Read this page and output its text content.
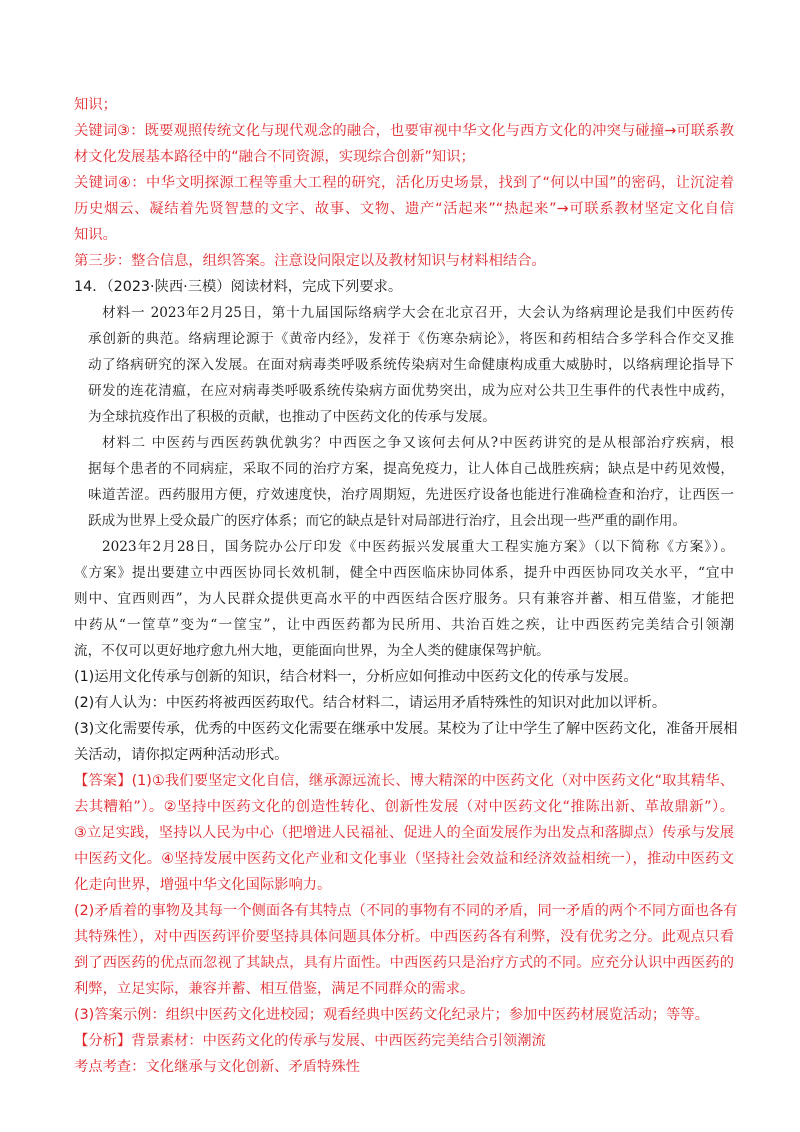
知识；

关键词③：既要观照传统文化与现代观念的融合，也要审视中华文化与西方文化的冲突与碰撞→可联系教

材文化发展基本路径中的“融合不同资源，实现综合创新”知识；

关键词④：中华文明探源工程等重大工程的研究，活化历史场景，找到了“何以中国”的密码，让沉淀着

历史烟云、凝结着先贤智慧的文字、故事、文物、遗产“活起来”“热起来”→可联系教材坚定文化自信

知识。

第三步：整合信息，组织答案。注意设问限定以及教材知识与材料相结合。

14．（2023·陕西·三模）阅读材料，完成下列要求。

材料一 2023年2月25日，第十九届国际络病学大会在北京召开，大会认为络病理论是我们中医药传

承创新的典范。络病理论源于《黄帝内经》，发祥于《伤寒杂病论》，将医和药相结合多学科合作交叉推

动了络病研究的深入发展。在面对病毒类呼吸系统传染病对生命健康构成重大威胁时，以络病理论指导下

研发的连花清瘟，在应对病毒类呼吸系统传染病方面优势突出，成为应对公共卫生事件的代表性中成药，

为全球抗疫作出了积极的贡献，也推动了中医药文化的传承与发展。

材料二 中医药与西医药孰优孰劣？中西医之争又该何去何从?中医药讲究的是从根部治疗疾病，根

据每个患者的不同病症，采取不同的治疗方案，提高免疫力，让人体自己战胜疾病；缺点是中药见效慢，

味道苦涩。西药服用方便，疗效速度快，治疗周期短，先进医疗设备也能进行准确检查和治疗，让西医一

跃成为世界上受众最广的医疗体系；而它的缺点是针对局部进行治疗，且会出现一些严重的副作用。

2023年2月28日，国务院办公厅印发《中医药振兴发展重大工程实施方案》（以下简称《方案》）。

《方案》提出要建立中西医协同长效机制，健全中西医临床协同体系，提升中西医协同攻关水平，“宜中

则中、宜西则西”，为人民群众提供更高水平的中西医结合医疗服务。只有兼容并蓄、相互借鉴，才能把

中药从“一筐草”变为“一筐宝”，让中西医药都为民所用、共治百姓之疾，让中西医药完美结合引领潮

流，不仅可以更好地疗愈九州大地，更能面向世界，为全人类的健康保驾护航。

(1)运用文化传承与创新的知识，结合材料一，分析应如何推动中医药文化的传承与发展。

(2)有人认为：中医药将被西医药取代。结合材料二，请运用矛盾特殊性的知识对此加以评析。

(3)文化需要传承，优秀的中医药文化需要在继承中发展。某校为了让中学生了解中医药文化，准备开展相

关活动，请你拟定两种活动形式。

【答案】(1)①我们要坚定文化自信，继承源远流长、博大精深的中医药文化（对中医药文化“取其精华、

去其糟粕”）。②坚持中医药文化的创造性转化、创新性发展（对中医药文化“推陈出新、革故鼎新”）。

③立足实践，坚持以人民为中心（把增进人民福祉、促进人的全面发展作为出发点和落脚点）传承与发展

中医药文化。④坚持发展中医药文化产业和文化事业（坚持社会效益和经济效益相统一），推动中医药文

化走向世界，增强中华文化国际影响力。

(2)矛盾着的事物及其每一个侧面各有其特点（不同的事物有不同的矛盾，同一矛盾的两个不同方面也各有

其特殊性），对中西医药评价要坚持具体问题具体分析。中西医药各有利弊，没有优劣之分。此观点只看

到了西医药的优点而忽视了其缺点，具有片面性。中西医药只是治疗方式的不同。应充分认识中西医药的

利弊，立足实际，兼容并蓄、相互借鉴，满足不同群众的需求。

(3)答案示例：组织中医药文化进校园；观看经典中医药文化纪录片；参加中医药材展览活动；等等。

【分析】背景素材：中医药文化的传承与发展、中西医药完美结合引领潮流

考点考查：文化继承与文化创新、矛盾特殊性
